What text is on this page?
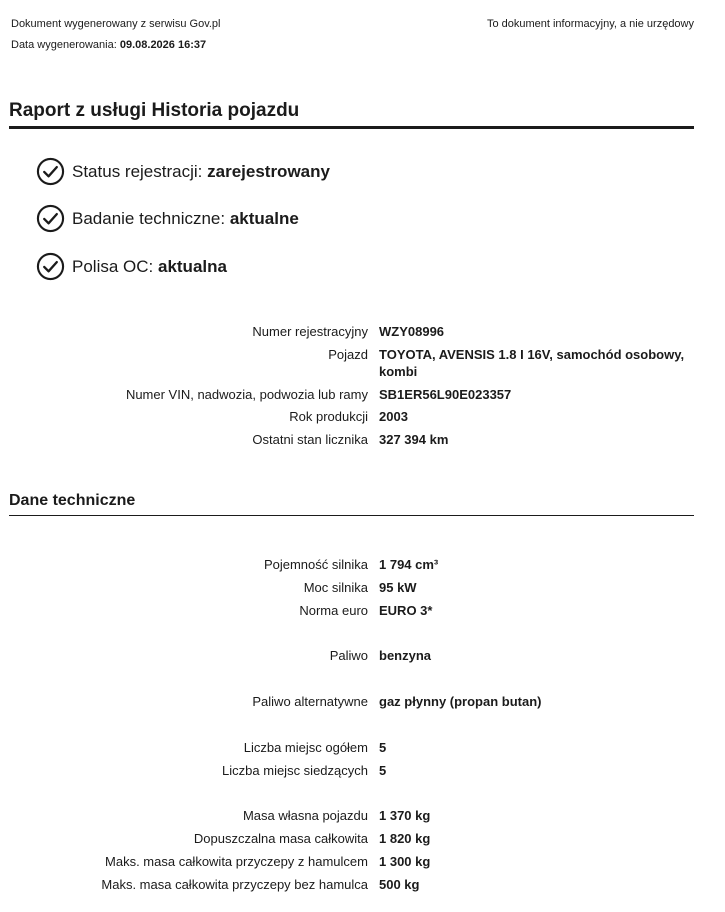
Dokument wygenerowany z serwisu Gov.pl
Data wygenerowania: 09.08.2026 16:37
To dokument informacyjny, a nie urzędowy
Raport z usługi Historia pojazdu
Status rejestracji:
zarejestrowany
Badanie techniczne:
aktualne
Polisa OC:
aktualna
Numer rejestracyjny WZY08996
Pojazd TOYOTA, AVENSIS 1.8 I 16V, samochód osobowy, kombi
Numer VIN, nadwozia, podwozia lub ramy SB1ER56L90E023357
Rok produkcji 2003
Ostatni stan licznika 327 394 km
Dane techniczne
Pojemność silnika 1 794 cm³
Moc silnika 95 kW
Norma euro EURO 3*
Paliwo benzyna
Paliwo alternatywne gaz płynny (propan butan)
Liczba miejsc ogółem 5
Liczba miejsc siedzących 5
Masa własna pojazdu 1 370 kg
Dopuszczalna masa całkowita 1 820 kg
Maks. masa całkowita przyczepy z hamulcem 1 300 kg
Maks. masa całkowita przyczepy bez hamulca 500 kg
